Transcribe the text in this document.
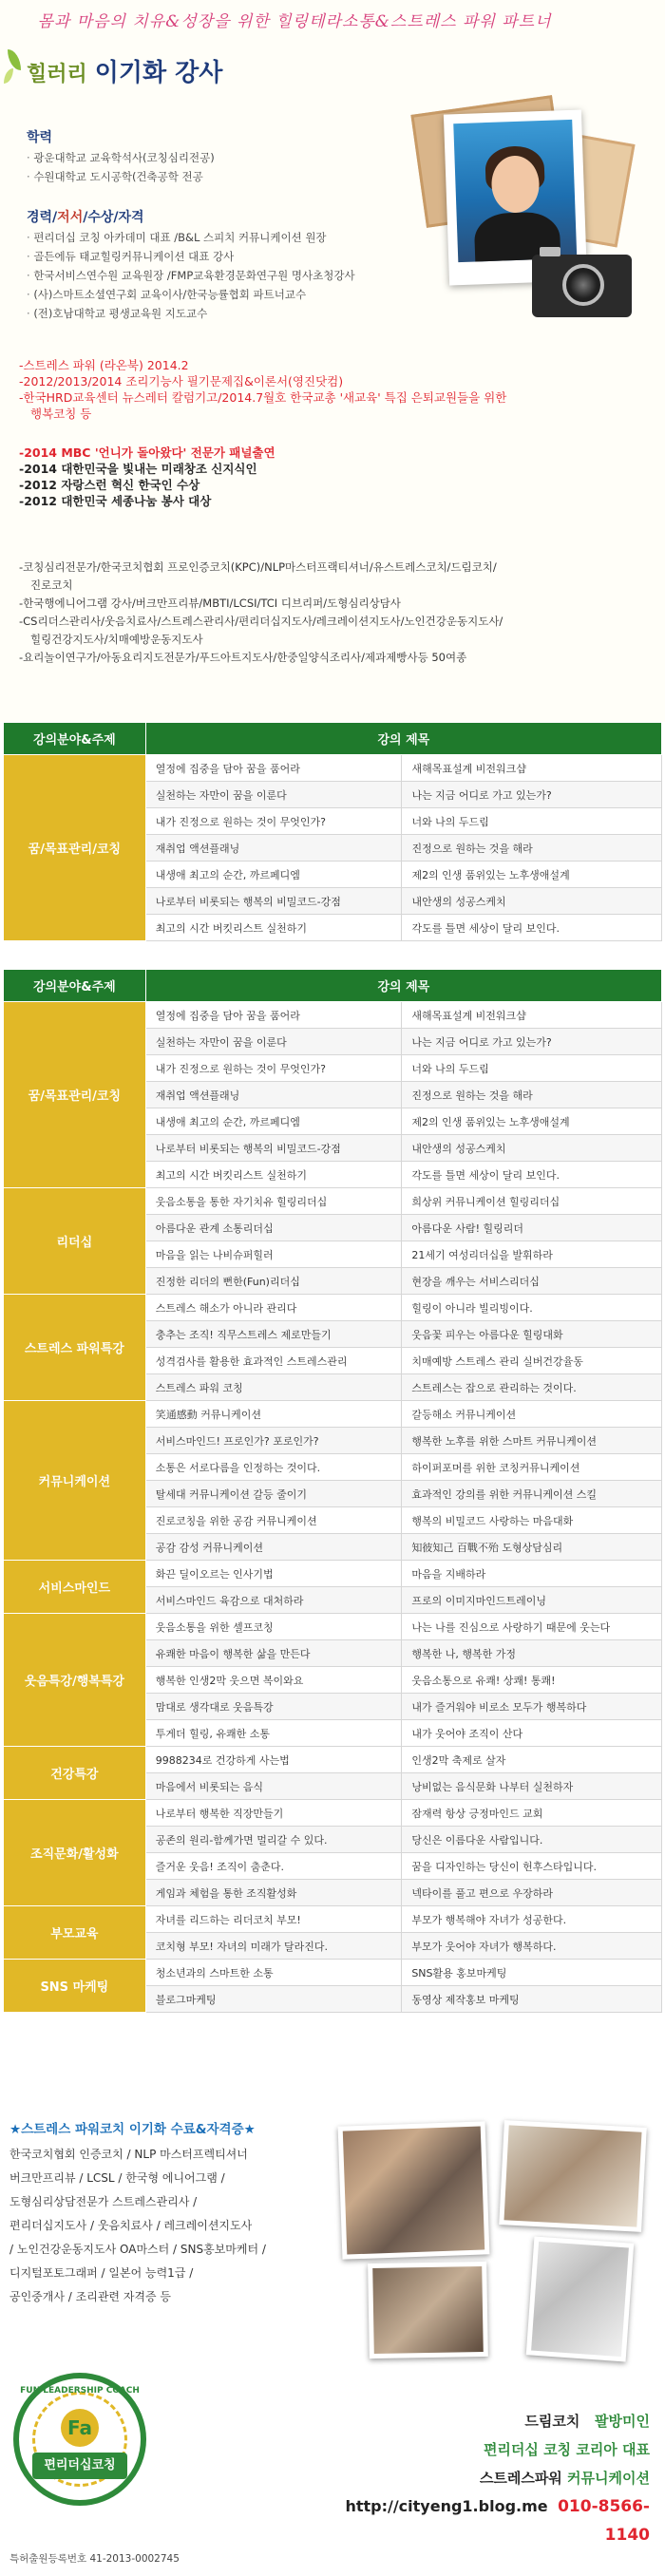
몸과 마음의 치유&성장을 위한 힐링테라소통&스트레스 파워 파트너
힐러리 이기화 강사
학력
· 광운대학교 교육학석사(코칭심리전공)
· 수원대학교 도시공학(건축공학 전공
경력/저서/수상/자격
· 편리더십 코칭 아카데미 대표 /B&L 스피치 커뮤니케이션 원장
· 골든에듀 태교힐링커뮤니케이션 대표 강사
· 한국서비스연수원 교육원장 /FMP교육환경문화연구원 명사초청강사
· (사)스마트소셜연구회 교육이사/한국능률협회 파트너교수
· (전)호남대학교 평생교육원 지도교수
-스트레스 파워 (라온북) 2014.2
-2012/2013/2014 조리기능사 필기문제집&이론서(영진닷컴)
-한국HRD교육센터 뉴스레터 칼럼기고/2014.7월호 한국교총 '새교육' 특집 은퇴교원들을 위한
행복코칭 등
-2014 MBC '언니가 돌아왔다' 전문가 패널출연
-2014 대한민국을 빛내는 미래창조 신지식인
-2012 자랑스런 혁신 한국인 수상
-2012 대한민국 세종나눔 봉사 대상
-코칭심리전문가/한국코치협회 프로인증코치(KPC)/NLP마스터프랙티셔너/유스트레스코치/드림코치/
진로코치
-한국행에니어그램 강사/버크만프리뷰/MBTI/LCSI/TCI 디브리퍼/도형심리상담사
-CS리더스관리사/웃음치료사/스트레스관리사/편리더십지도사/레크레이션지도사/노인건강운동지도사/
힐링건강지도사/치매예방운동지도사
-요리놀이연구가/아동요리지도전문가/푸드아트지도사/한중일양식조리사/제과제빵사등 50여종
강의분야&주제	강의 제목	
꿈/목표관리/코칭	열정에 집중을 담아 꿈을 품어라	새해목표설계 비전워크샵
	실천하는 자만이 꿈을 이룬다	나는 지금 어디로 가고 있는가?
	내가 진정으로 원하는 것이 무엇인가?	너와 나의 두드림
	재취업 액션플래닝	진정으로 원하는 것을 해라
	내생애 최고의 순간, 까르페디엠	제2의 인생 품위있는 노후생애설계
	나로부터 비롯되는 행복의 비밀코드-강점	내안생의 성공스케치
	최고의 시간 버킷리스트 실천하기	각도를 틀면 세상이 달리 보인다.
강의분야&주제	강의 제목	
꿈/목표관리/코칭	열정에 집중을 담아 꿈을 품어라	새해목표설계 비전워크샵
	실천하는 자만이 꿈을 이룬다	나는 지금 어디로 가고 있는가?
	내가 진정으로 원하는 것이 무엇인가?	너와 나의 두드림
	재취업 액션플래닝	진정으로 원하는 것을 해라
	내생애 최고의 순간, 까르페디엠	제2의 인생 품위있는 노후생애설계
	나로부터 비롯되는 행복의 비밀코드-강점	내안생의 성공스케치
	최고의 시간 버킷리스트 실천하기	각도를 틀면 세상이 달리 보인다.
리더십	웃음소통을 통한 자기치유 힐링리더십	희상위 커뮤니케이션 힐링리더십
	아름다운 관계 소통리더십	아름다운 사람! 힐링리더
	마음을 읽는 나비슈퍼힐러	21세기 여성리더십을 발휘하라
	진정한 리더의 뻔한(Fun)리더십	현장을 깨우는 서비스리더십
스트레스 파워특강	스트레스 해소가 아니라 관리다	힐링이 아니라 빌리빙이다.
	충추는 조직! 직무스트레스 제로만들기	웃음꽃 피우는 아름다운 힐링대화
	성격검사를 활용한 효과적인 스트레스관리	치매예방 스트레스 관리 실버건강율동
	스트레스 파워 코칭	스트레스는 잡으로 관리하는 것이다.
커뮤니케이션	笑通感動 커뮤니케이션	갈등해소 커뮤니케이션
	서비스마인드! 프로인가? 포로인가?	행복한 노후를 위한 스마트 커뮤니케이션
	소통은 서로다름을 인정하는 것이다.	하이퍼포머를 위한 코칭커뮤니케이션
	탈세대 커뮤니케이션 갈등 줄이기	효과적인 강의를 위한 커뮤니케이션 스킬
	진로코칭을 위한 공감 커뮤니케이션	행복의 비밀코드 사랑하는 마음대화
	공감 감성 커뮤니케이션	知彼知己 百戰不殆 도형상담심리
서비스마인드	화끈 딜이오르는 인사기법	마음을 지배하라
	서비스마인드 육감으로 대처하라	프로의 이미지마인드트레이닝
웃음특강/행복특강	웃음소통을 위한 셀프코칭	나는 나를 진심으로 사랑하기 때문에 웃는다
	유쾌한 마음이 행복한 삶을 만든다	행복한 나, 행복한 가정
	행복한 인생2막 웃으면 복이와요	웃음소통으로 유쾌! 상쾌! 통쾌!
	맘대로 생각대로 웃음특강	내가 즐거워야 비로소 모두가 행복하다
	투게더 힐링, 유쾌한 소통	내가 웃어야 조직이 산다
건강특강	9988234로 건강하게 사는법	인생2막 축제로 살자
	마음에서 비롯되는 음식	낭비없는 음식문화 나부터 실천하자
조직문화/활성화	나로부터 행복한 직장만들기	잠재력 항상 긍정마인드 교회
	공존의 원리-함께가면 멀리갈 수 있다.	당신은 이름다운 사람입니다.
	즐거운 웃음! 조직이 춤춘다.	꿈을 디자인하는 당신이 헌후스타입니다.
	게임과 체험을 통한 조직활성화	넥타이를 풀고 편으로 우장하라
부모교육	자녀를 리드하는 리더코치 부모!	부모가 행복해야 자녀가 성공한다.
	코치형 부모! 자녀의 미래가 달라진다.	부모가 웃어야 자녀가 행복하다.
SNS 마케팅	청소년과의 스마트한 소통	SNS활용 홍보마케팅
	블로그마케팅	동영상 제작홍보 마케팅
★스트레스 파워코치 이기화 수료&자격증★
한국코치협회 인증코치 / NLP 마스터프렉티셔너
버크만프리뷰 / LCSL / 한국형 에니어그램 /
도형심리상담전문가 스트레스관리사 /
편리더십지도사 / 웃음치료사 / 레크레이션지도사
/ 노인건강운동지도사 OA마스터 / SNS홍보마케터 /
디지털포토그래퍼 / 일본어 능력1급 /
공인중개사 / 조리관련 자격증 등
FUN LEADERSHIP COACH
Fa
편리더십코칭
특허출원등록번호 41-2013-0002745
드림코치 팔방미인
편리더십 코칭 코리아 대표
스트레스파워 커뮤니케이션
http://cityeng1.blog.me 010-8566-1140
